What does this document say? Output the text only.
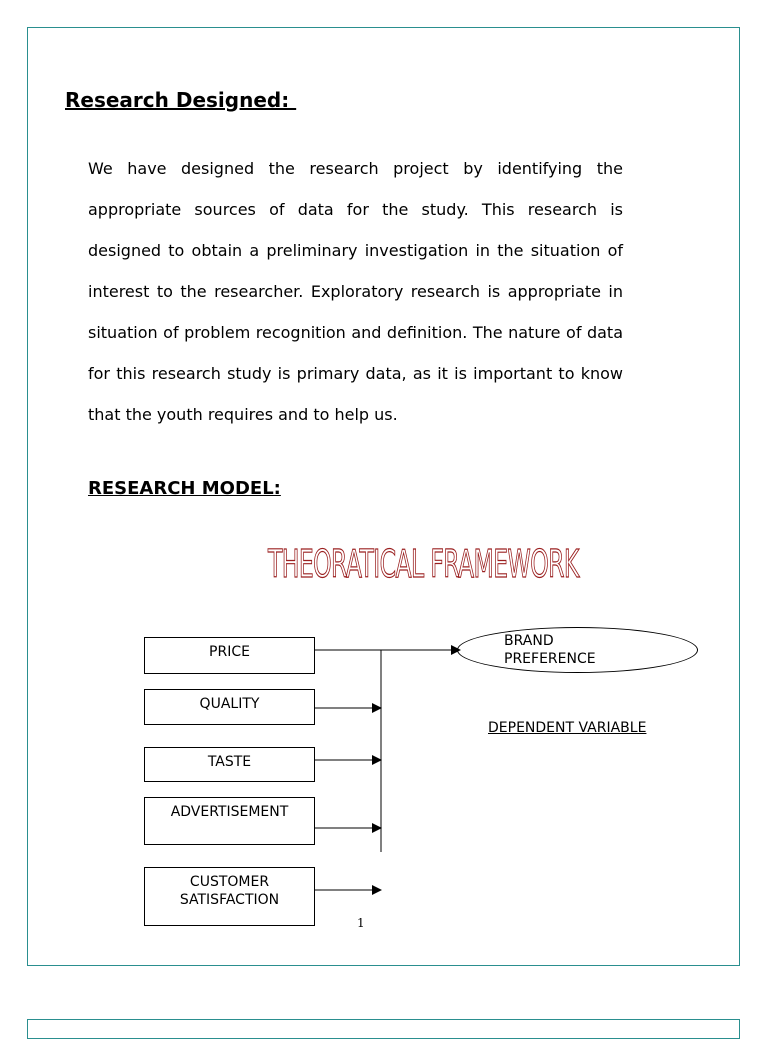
Research Designed:

We have designed the research project by identifying the appropriate sources of data for the study. This research is designed to obtain a preliminary investigation in the situation of interest to the researcher. Exploratory research is appropriate in situation of problem recognition and definition. The nature of data for this research study is primary data, as it is important to know that the youth requires and to help us.

RESEARCH MODEL:
THEORATICAL FRAMEWORK
PRICE
QUALITY
TASTE
ADVERTISEMENT
CUSTOMER SATISFACTION
BRAND PREFERENCE
DEPENDENT VARIABLE
1
